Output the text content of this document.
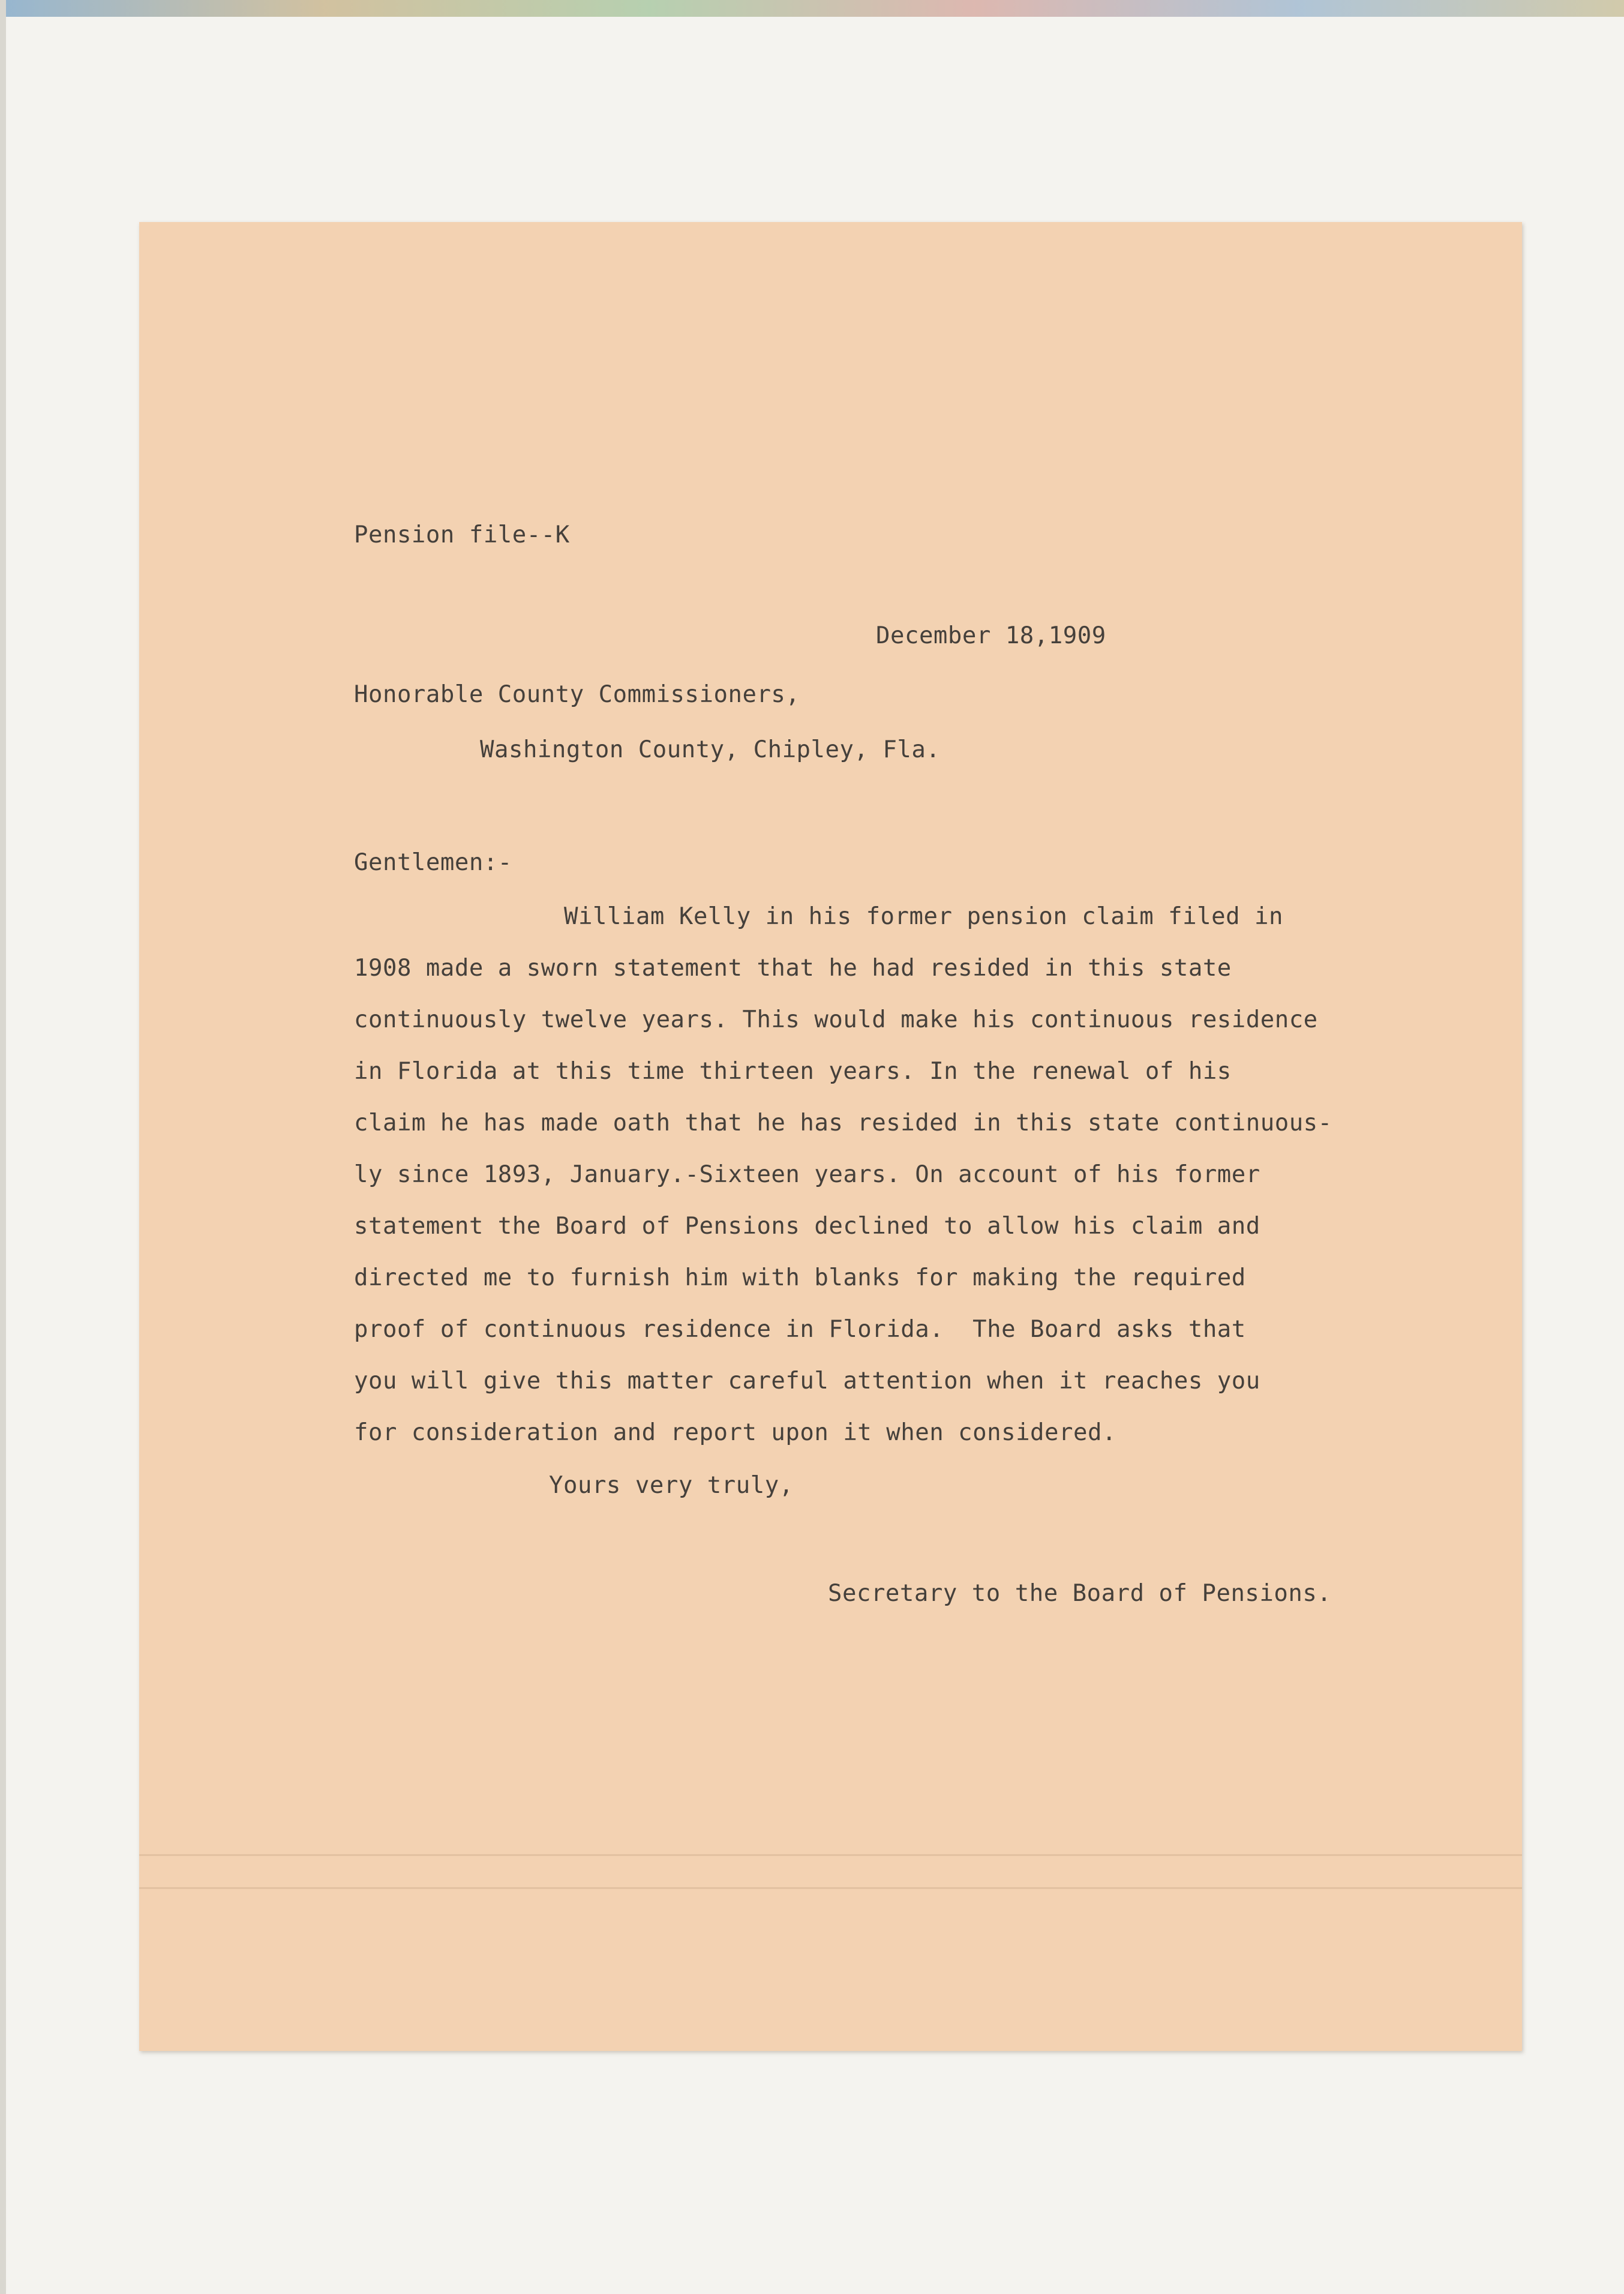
Pension file--K
December 18,1909
Honorable County Commissioners,
Washington County, Chipley, Fla.
Gentlemen:-
William Kelly in his former pension claim filed in
1908 made a sworn statement that he had resided in this state
continuously twelve years. This would make his continuous residence
in Florida at this time thirteen years. In the renewal of his
claim he has made oath that he has resided in this state continuous-
ly since 1893, January.-Sixteen years. On account of his former
statement the Board of Pensions declined to allow his claim and
directed me to furnish him with blanks for making the required
proof of continuous residence in Florida.  The Board asks that
you will give this matter careful attention when it reaches you
for consideration and report upon it when considered.
Yours very truly,
Secretary to the Board of Pensions.
